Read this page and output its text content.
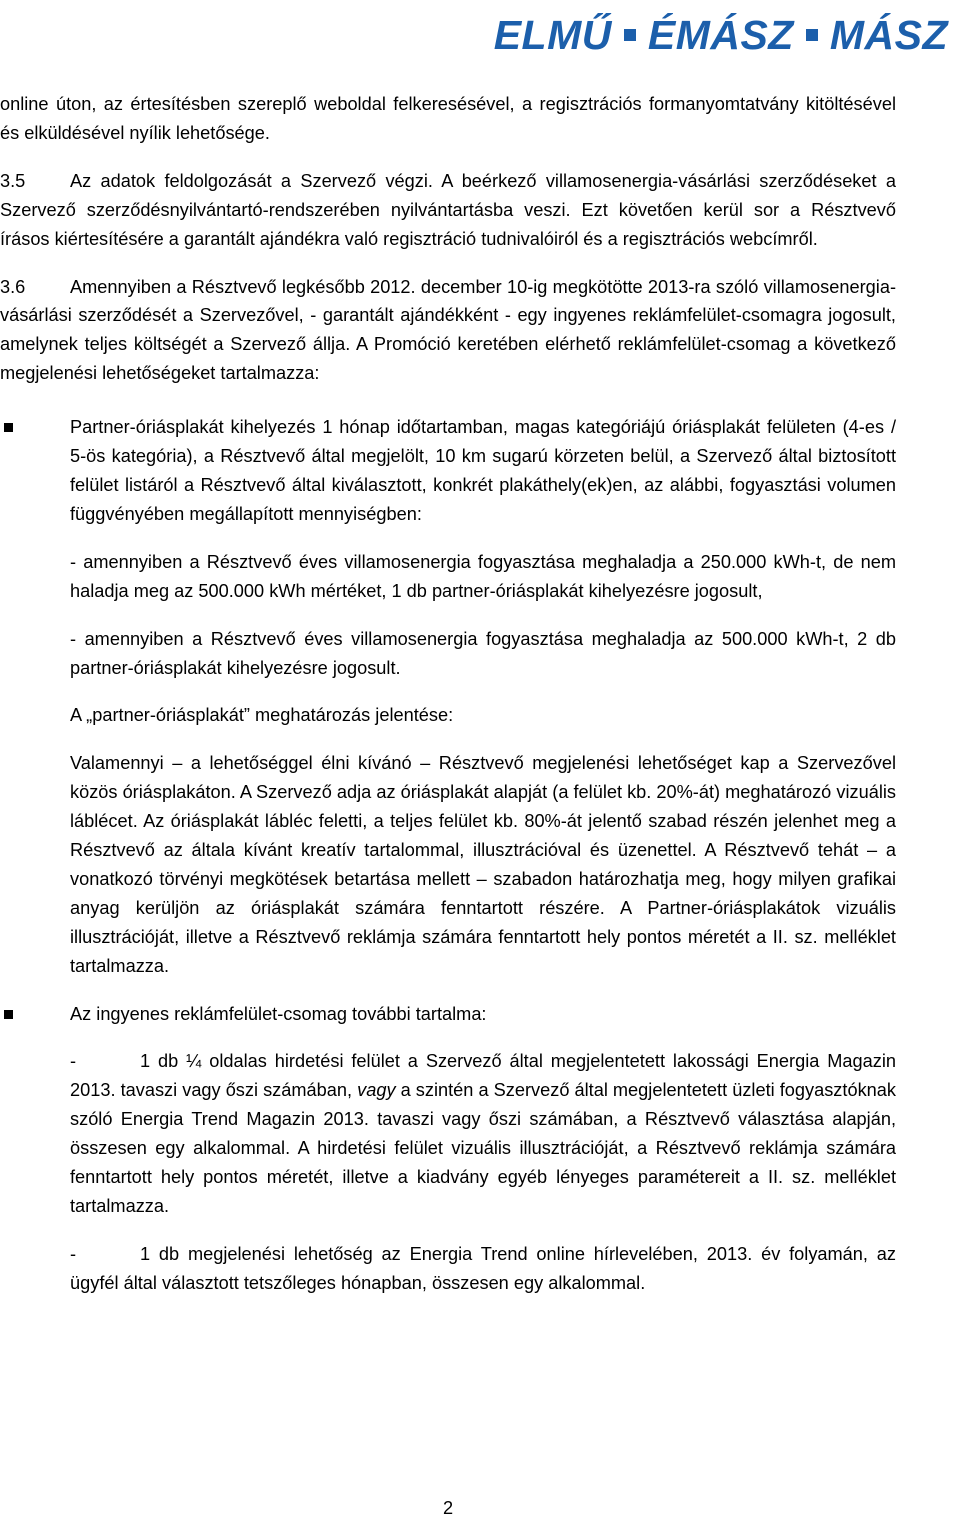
ELMŰ ÉMÁSZ MÁSZ

online úton, az értesítésben szereplő weboldal felkeresésével, a regisztrációs formanyomtatvány kitöltésével és elküldésével nyílik lehetősége.

3.5 Az adatok feldolgozását a Szervező végzi. A beérkező villamosenergia-vásárlási szerződéseket a Szervező szerződésnyilvántartó-rendszerében nyilvántartásba veszi. Ezt követően kerül sor a Résztvevő írásos kiértesítésére a garantált ajándékra való regisztráció tudnivalóiról és a regisztrációs webcímről.

3.6 Amennyiben a Résztvevő legkésőbb 2012. december 10-ig megkötötte 2013-ra szóló villamosenergia-vásárlási szerződését a Szervezővel, - garantált ajándékként - egy ingyenes reklámfelület-csomagra jogosult, amelynek teljes költségét a Szervező állja. A Promóció keretében elérhető reklámfelület-csomag a következő megjelenési lehetőségeket tartalmazza:

Partner-óriásplakát kihelyezés 1 hónap időtartamban, magas kategóriájú óriásplakát felületen (4-es / 5-ös kategória), a Résztvevő által megjelölt, 10 km sugarú körzeten belül, a Szervező által biztosított felület listáról a Résztvevő által kiválasztott, konkrét plakáthely(ek)en, az alábbi, fogyasztási volumen függvényében megállapított mennyiségben:

- amennyiben a Résztvevő éves villamosenergia fogyasztása meghaladja a 250.000 kWh-t, de nem haladja meg az 500.000 kWh mértéket, 1 db partner-óriásplakát kihelyezésre jogosult,

- amennyiben a Résztvevő éves villamosenergia fogyasztása meghaladja az 500.000 kWh-t, 2 db partner-óriásplakát kihelyezésre jogosult.

A „partner-óriásplakát” meghatározás jelentése:

Valamennyi – a lehetőséggel élni kívánó – Résztvevő megjelenési lehetőséget kap a Szervezővel közös óriásplakáton. A Szervező adja az óriásplakát alapját (a felület kb. 20%-át) meghatározó vizuális láblécet. Az óriásplakát lábléc feletti, a teljes felület kb. 80%-át jelentő szabad részén jelenhet meg a Résztvevő az általa kívánt kreatív tartalommal, illusztrációval és üzenettel. A Résztvevő tehát – a vonatkozó törvényi megkötések betartása mellett – szabadon határozhatja meg, hogy milyen grafikai anyag kerüljön az óriásplakát számára fenntartott részére. A Partner-óriásplakátok vizuális illusztrációját, illetve a Résztvevő reklámja számára fenntartott hely pontos méretét a II. sz. melléklet tartalmazza.

Az ingyenes reklámfelület-csomag további tartalma:

-	1 db ¼ oldalas hirdetési felület a Szervező által megjelentetett lakossági Energia Magazin 2013. tavaszi vagy őszi számában, vagy a szintén a Szervező által megjelentetett üzleti fogyasztóknak szóló Energia Trend Magazin 2013. tavaszi vagy őszi számában, a Résztvevő választása alapján, összesen egy alkalommal. A hirdetési felület vizuális illusztrációját, a Résztvevő reklámja számára fenntartott hely pontos méretét, illetve a kiadvány egyéb lényeges paramétereit a II. sz. melléklet tartalmazza.

-	1 db megjelenési lehetőség az Energia Trend online hírlevelében, 2013. év folyamán, az ügyfél által választott tetszőleges hónapban, összesen egy alkalommal.

2
